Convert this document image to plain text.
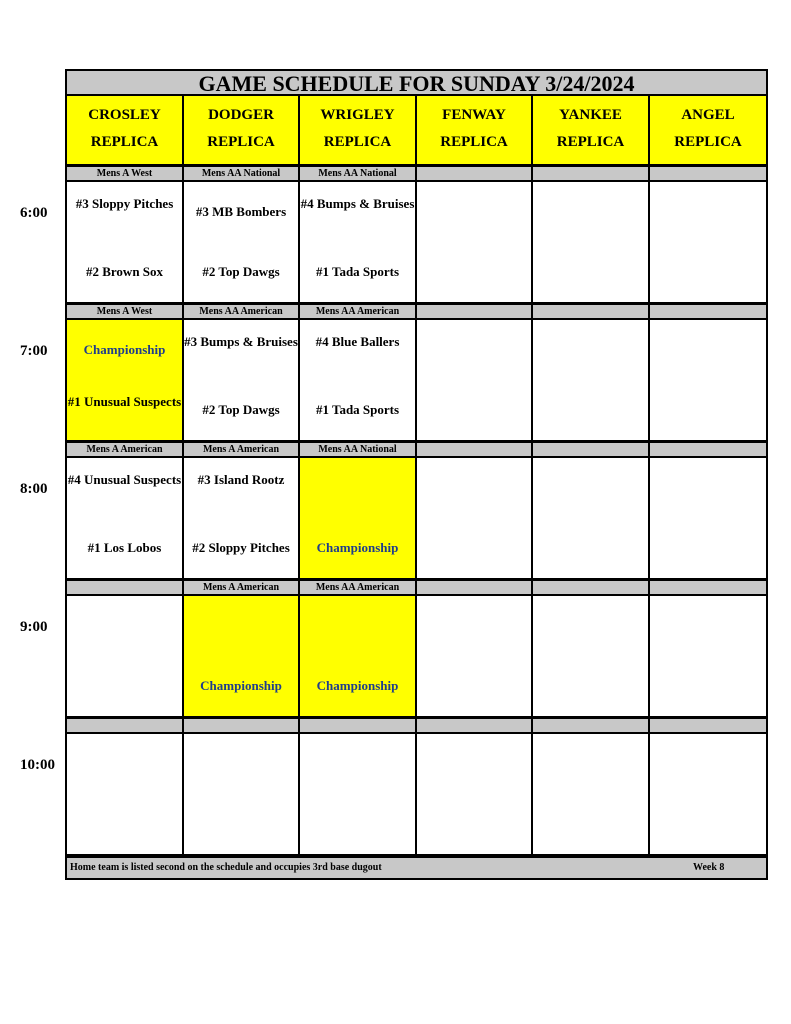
6:00
7:00
8:00
9:00
10:00
GAME SCHEDULE FOR SUNDAY 3/24/2024
CROSLEY
REPLICA
DODGER
REPLICA
WRIGLEY
REPLICA
FENWAY
REPLICA
YANKEE
REPLICA
ANGEL
REPLICA
Mens A West
#3 Sloppy Pitches
#2 Brown Sox
Mens AA National
#3 MB Bombers
#2 Top Dawgs
Mens AA National
#4 Bumps & Bruises
#1 Tada Sports
Mens A West
Championship
#1 Unusual Suspects
Mens AA American
#3 Bumps & Bruises
#2 Top Dawgs
Mens AA American
#4 Blue Ballers
#1 Tada Sports
Mens A American
#4 Unusual Suspects
#1 Los Lobos
Mens A American
#3 Island Rootz
#2 Sloppy Pitches
Mens AA National
Championship
Mens A American
Championship
Mens AA American
Championship
Home team is listed second on the schedule and occupies 3rd base dugout	Week 8
